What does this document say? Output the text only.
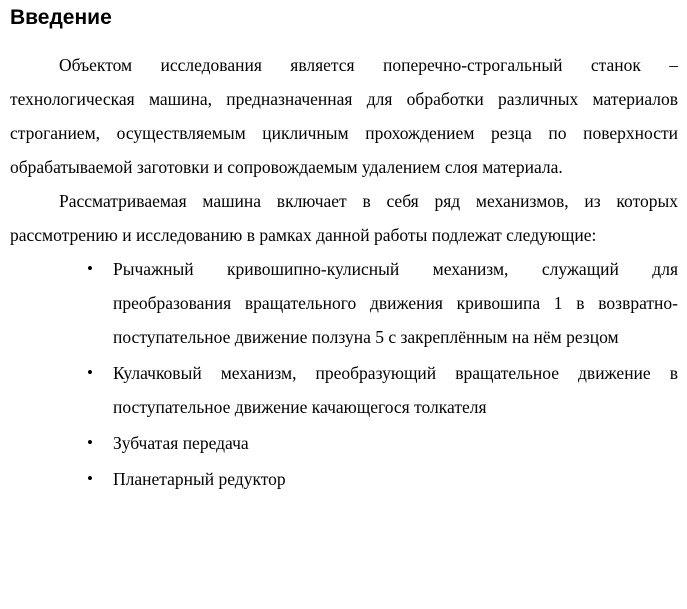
Введение

Объектом исследования является поперечно-строгальный станок – технологическая машина, предназначенная для обработки различных материалов строганием, осуществляемым цикличным прохождением резца по поверхности обрабатываемой заготовки и сопровождаемым удалением слоя материала.

Рассматриваемая машина включает в себя ряд механизмов, из которых рассмотрению и исследованию в рамках данной работы подлежат следующие:

• Рычажный кривошипно-кулисный механизм, служащий для преобразования вращательного движения кривошипа 1 в возвратно-поступательное движение ползуна 5 с закреплённым на нём резцом
• Кулачковый механизм, преобразующий вращательное движение в поступательное движение качающегося толкателя
• Зубчатая передача
• Планетарный редуктор
